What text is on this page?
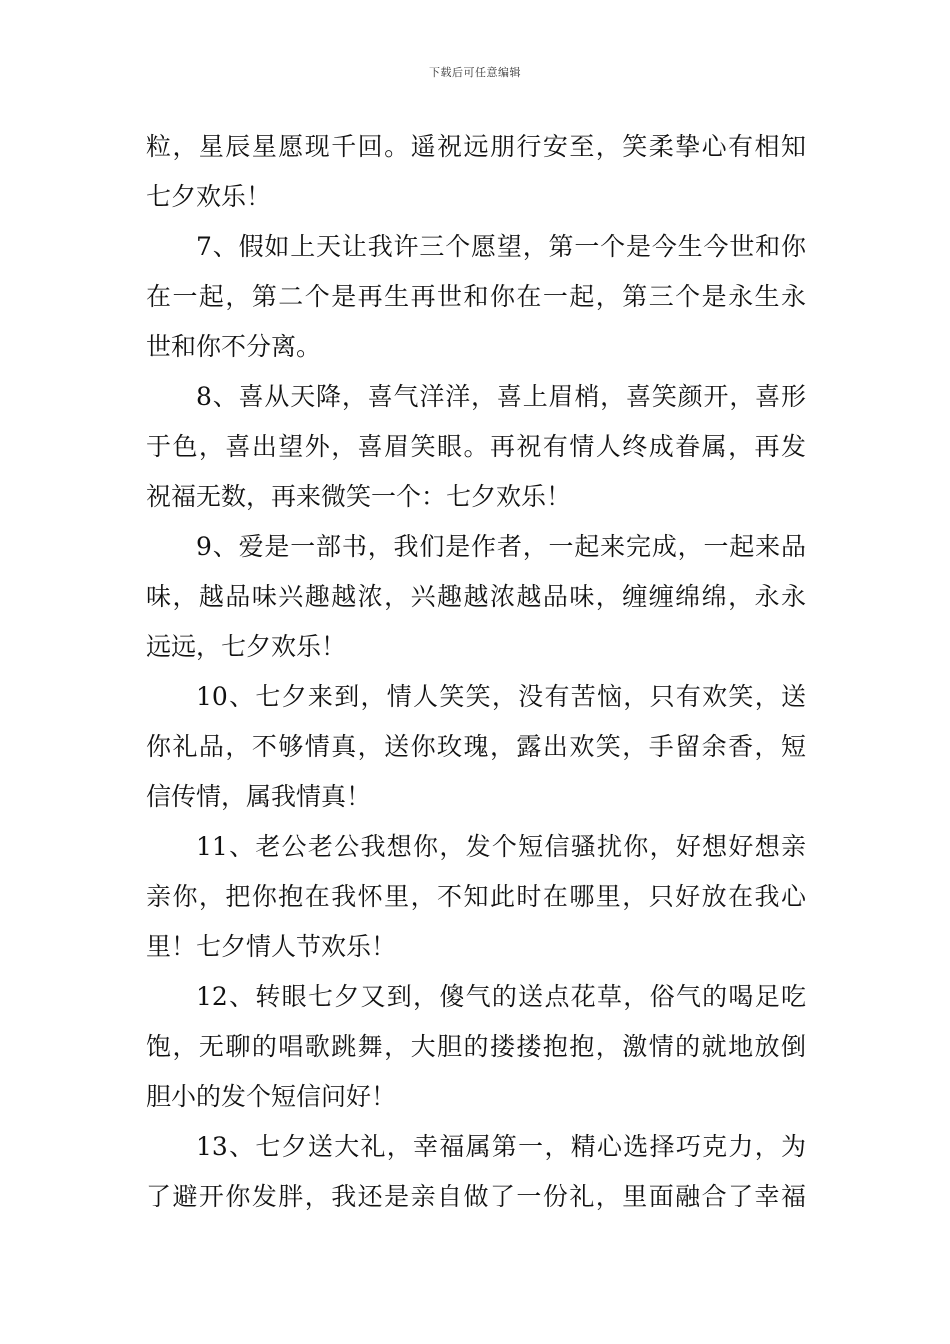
下载后可任意编辑
粒，星辰星愿现千回。遥祝远朋行安至，笑柔挚心有相知
七夕欢乐！
7、假如上天让我许三个愿望，第一个是今生今世和你
在一起，第二个是再生再世和你在一起，第三个是永生永
世和你不分离。
8、喜从天降，喜气洋洋，喜上眉梢，喜笑颜开，喜形
于色，喜出望外，喜眉笑眼。再祝有情人终成眷属，再发
祝福无数，再来微笑一个：七夕欢乐！
9、爱是一部书，我们是作者，一起来完成，一起来品
味，越品味兴趣越浓，兴趣越浓越品味，缠缠绵绵，永永
远远，七夕欢乐！
10、七夕来到，情人笑笑，没有苦恼，只有欢笑，送
你礼品，不够情真，送你玫瑰，露出欢笑，手留余香，短
信传情，属我情真！
11、老公老公我想你，发个短信骚扰你，好想好想亲
亲你，把你抱在我怀里，不知此时在哪里，只好放在我心
里！七夕情人节欢乐！
12、转眼七夕又到，傻气的送点花草，俗气的喝足吃
饱，无聊的唱歌跳舞，大胆的搂搂抱抱，激情的就地放倒
胆小的发个短信问好！
13、七夕送大礼，幸福属第一，精心选择巧克力，为
了避开你发胖，我还是亲自做了一份礼，里面融合了幸福
